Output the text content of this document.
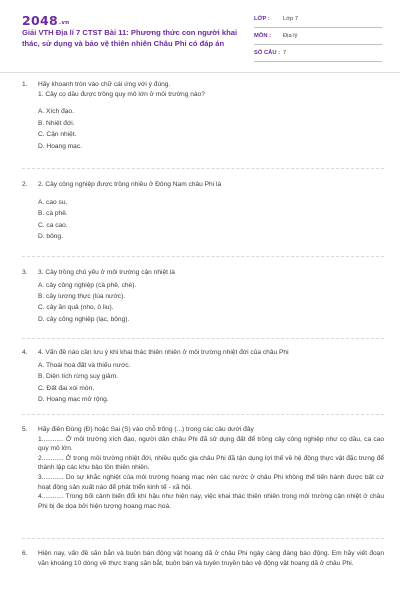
2048.vn
Giải VTH Địa lí 7 CTST Bài 11: Phương thức con người khai thác, sử dụng và bảo vệ thiên nhiên Châu Phi có đáp án
LỚP : Lớp 7
MÔN : Địa lý
SỐ CÂU : 7
1. Hãy khoanh tròn vào chữ cái ứng với ý đúng.
1. Cây cọ dầu được trồng quy mô lớn ở môi trường nào?
A. Xích đạo.
B. Nhiệt đới.
C. Cận nhiệt.
D. Hoang mạc.
2. 2. Cây công nghiệp được trồng nhiều ở Đông Nam châu Phi là
A. cao su.
B. cà phê.
C. ca cao.
D. bông.
3. 3. Cây trồng chủ yếu ở môi trường cận nhiệt là
A. cây công nghiệp (cà phê, chè).
B. cây lương thực (lúa nước).
C. cây ăn quả (nho, ô liu).
D. cây công nghiệp (lạc, bông).
4. 4. Vấn đề nào cần lưu ý khi khai thác thiên nhiên ở môi trường nhiệt đới của châu Phi
A. Thoái hoá đất và thiếu nước.
B. Diện tích rừng suy giảm.
C. Đất đai xói mòn.
D. Hoang mạc mở rộng.
5. Hãy điền Đúng (Đ) hoặc Sai (S) vào chỗ trống (...) trong các câu dưới đây
1............ Ở môi trường xích đạo, người dân châu Phi đã sử dụng đất để trồng cây công nghiệp như cọ dầu, ca cao quy mô lớn.
2............ Ở trong môi trường nhiệt đới, nhiều quốc gia châu Phi đã tận dụng lợi thế về hệ động thực vật đặc trưng để thành lập các khu bảo tồn thiên nhiên.
3............ Do sự khắc nghiệt của môi trường hoang mạc nên các nước ở châu Phi không thể tiến hành được bất cứ hoạt động sản xuất nào để phát triển kinh tế - xã hội.
4............ Trong bối cảnh biến đổi khí hậu như hiện nay, việc khai thác thiên nhiên trong môi trường cận nhiệt ở châu Phi bị đe dọa bởi hiện tượng hoang mạc hoá.
6. Hiện nay, vấn đề săn bắn và buôn bán động vật hoang dã ở châu Phi ngày càng đáng báo động. Em hãy viết đoạn văn khoảng 10 dòng về thực trạng săn bắt, buôn bán và tuyên truyền bảo vệ động vật hoang dã ở châu Phi.
